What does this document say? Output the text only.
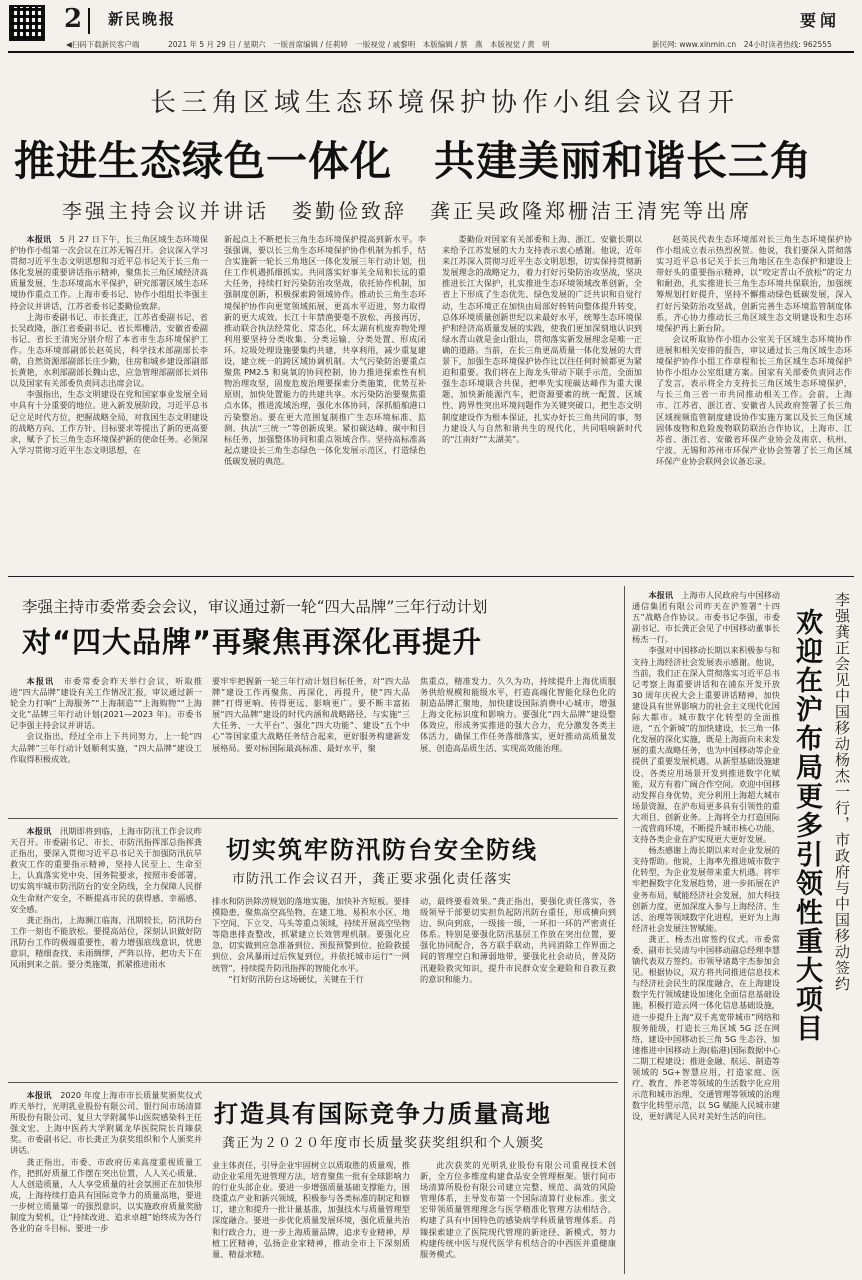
2 新民晚报	要闻
◀扫码下载新民客户端	2021 年 5 月 29 日 / 星期六　一版首席编辑 / 任莉婷　一版视觉 / 戚黎明　本版编辑 / 蔡　燕　本版视觉 / 黄　明	新民网: www.xinmin.cn　24小时读者热线: 962555
长三角区域生态环境保护协作小组会议召开
推进生态绿色一体化　共建美丽和谐长三角
李强主持会议并讲话　娄勤俭致辞　龚正吴政隆郑栅洁王清宪等出席

本报讯　5 月 27 日下午，长三角区域生态环境保护协作小组第一次会议在江苏无锡召开。会议深入学习贯彻习近平生态文明思想和习近平总书记关于长三角一体化发展的重要讲话指示精神，聚焦长三角区域经济高质量发展、生态环境高水平保护，研究部署区域生态环境协作重点工作。上海市委书记、协作小组组长李强主持会议并讲话，江苏省委书记娄勤俭致辞。

上海市委副书记、市长龚正，江苏省委副书记、省长吴政隆，浙江省委副书记、省长郑栅洁，安徽省委副书记、省长王清宪分别介绍了本省市生态环境保护工作。生态环境部副部长赵英民，科学技术部副部长李萌，自然资源部副部长庄少勤，住房和城乡建设部副部长黄艳，水利部副部长魏山忠，应急管理部副部长刘伟以及国家有关部委负责同志出席会议。

李强指出，生态文明建设在党和国家事业发展全局中具有十分重要的地位。进入新发展阶段，习近平总书记立足时代方位，把握战略全局，对我国生态文明建设的战略方向、工作方针、目标要求等提出了新的更高要求，赋予了长三角生态环境保护新的使命任务。必须深入学习贯彻习近平生态文明思想，在

新起点上不断把长三角生态环境保护提高到新水平。李强强调，要以长三角生态环境保护协作机制为抓手，结合实施新一轮长三角地区一体化发展三年行动计划，扭住工作机遇抓细抓实。共同落实好事关全局和长远的重大任务，持续打好污染防治攻坚战，依托协作机制，加强制度创新，积极探索跨领域协作。推动长三角生态环境保护协作向更宽领域拓展，更高水平迈进，努力取得新的更大成效。长江十年禁渔要毫不放松、再接再厉，推动联合执法经常化、常态化，环太湖有机废弃物处理利用要坚持分类收集、分类运输、分类处置、形成闭环。垃圾处理设施要集约共建，共享利用，减少重复建设，建立统一的跨区域协调机制。大气污染防治要重点聚焦 PM2.5 和臭氧的协同控制，协力推进探索性有机物治理攻坚，固废危废治理要探索分类施策，优势互补原则，加快处置能力的共建共享。水污染防治要聚焦重点水体，推进流域治理，强化水体协同，深抓船舶港口污染整治。要在更大范围复制推广生态环境标准、监测、执法“三统一”等创新成果。紧扣碳达峰、碳中和目标任务，加强整体协同和重点领域合作。坚持高标准高起点建设长三角生态绿色一体化发展示范区，打造绿色低碳发展的典范。

娄勤俭对国家有关部委和上海、浙江、安徽长期以来给予江苏发展的大力支持表示衷心感谢。他说，近年来江苏深入贯彻习近平生态文明思想，切实保持贯彻新发展理念的战略定力，着力打好污染防治攻坚战，坚决推进长江大保护，扎实推进生态环境领域改革创新，全省上下形成了生态优先、绿色发展的广泛共识和自觉行动，生态环境正在加快由局部好转转向整体提升转变，总体环境质量创新世纪以来最好水平，统筹生态环境保护和经济高质量发展的实践，使我们更加深刻地认识到绿水青山就是金山银山，贯彻落实新发展理念是唯一正确的道路。当前，在长三角更高质量一体化发展的大背景下，加强生态环境保护协作比以往任何时候都更为紧迫和重要。我们将在上海龙头带动下联手示范，全面加强生态环境联合共保，把率先实现碳达峰作为重大课题，加快新能源汽车，把资源要素的统一配置、区域性、跨界性突出环境问题作为关键突破口，把生态文明制度建设作为根本保证，扎实办好长三角共同的事，努力建设人与自然和谐共生的现代化，共同唱响新时代的“江南好”“太湖美”。

赵英民代表生态环境部对长三角生态环境保护协作小组成立表示热烈祝贺。他说，我们要深入贯彻落实习近平总书记关于长三角地区在生态保护和建设上带好头的重要指示精神，以“咬定青山不放松”的定力和耐劲，扎实推进长三角生态环境共保联治，加强统筹规划打好提升，坚持不懈推动绿色低碳发展，深入打好污染防治攻坚战，创新完善生态环境监管制度体系，齐心协力推动长三角区域生态文明建设和生态环境保护再上新台阶。

会议听取协作小组办公室关于区域生态环境协作进展和相关安排的报告，审议通过长三角区域生态环境保护协作小组工作章程和长三角区域生态环境保护协作小组办公室组建方案。国家有关部委负责同志作了发言，表示将全力支持长三角区域生态环境保护，与长三角三省一市共同推动相关工作。会前，上海市、江苏省、浙江省、安徽省人民政府签署了长三角区域视频监管制度建设协作实施方案以及长三角区域固体废物和危险废物联防联治合作协议，上海市、江苏省、浙江省、安徽省环保产业协会及南京、杭州、宁波、无锡和苏州市环保产业协会签署了长三角区域环保产业协会联网会议备忘录。

李强主持市委常委会会议，审议通过新一轮“四大品牌”三年行动计划
对“四大品牌”再聚焦再深化再提升

本报讯　市委常委会昨天举行会议，听取推进“四大品牌”建设有关工作情况汇报，审议通过新一轮全力打响“上海服务”“上海制造”“上海购物”“上海文化”品牌三年行动计划(2021—2023 年)。市委书记李强主持会议并讲话。

会议指出，经过全市上下共同努力，上一轮“四大品牌”三年行动计划顺利实施，“四大品牌”建设工作取得积极成效。

要牢牢把握新一轮三年行动计划目标任务，对“四大品牌”建设工作再聚焦、再深化、再提升，使“四大品牌”打得更响、传得更远、影响更广。要不断丰富拓展“四大品牌”建设的时代内涵和战略路径，与实施“三大任务、一大平台”、强化“四大功能”、建设“五个中心”等国家重大战略任务结合起来，更好服务构建新发展格局。要对标国际最高标准、最好水平，聚

焦重点，精准发力、久久为功，持续提升上海优质服务供给规模和能级水平，打造高端化智能化绿色化的制造品牌汇聚地，加快建设国际消费中心城市，增强上海文化标识度和影响力。要强化“四大品牌”建设整体效应，形成务实推进的强大合力，充分激发各类主体活力，确保工作任务落细落实，更好推动高质量发展、创造高品质生活、实现高效能治理。

本报讯　汛期即将到临，上海市防汛工作会议昨天召开。市委副书记、市长、市防汛指挥部总指挥龚正指出，要深入贯彻习近平总书记关于加强防汛抗旱救灾工作的重要指示精神，坚持人民至上、生命至上，认真落实党中央、国务院要求，按照市委部署，切实筑牢城市防汛防台的安全防线，全力保障人民群众生命财产安全，不断提高市民的获得感、幸福感、安全感。

龚正指出，上海濒江临海，汛期较长，防汛防台工作一刻也不能放松。要提高站位，深刻认识做好防汛防台工作的极端重要性，着力增强底线意识，忧患意识，精细查找、未雨绸缪，严阵以待，把功夫下在风雨到来之前。要分类施策，抓紧推进雨水

切实筑牢防汛防台安全防线
市防汛工作会议召开，龚正要求强化责任落实

排水和防洪除涝规划的落地实施，加快补齐短板。要排摸隐患，聚焦高空高坠物，在建工地、易积水小区、地下空间、下立交、马头等重点领域，持续开展高空坠物等隐患排查整改，抓紧建立长效管理机制。要强化应急，切实做到应急准备到位、预报预警到位、抢险救援到位、会风暴雨过后恢复到位，并依托城市运行“一网统管”，持续提升防汛指挥的智能化水平。

“打好防汛防台这场硬仗，关键在于行

动，最终要看效果。”龚正指出，要强化责任落实，各级领导干部要切实担负起防汛防台重任，形成横向到边、纵向到底，一级接一级，一环扣一环的严密责任体系。特别是要强化防汛基层工作放在突出位置，要强化协同配合，各方联手联动，共同消除工作界面之间的管理空白和薄弱地带，要强化社会动员，普及防汛避险救灾知识，提升市民群众安全避险和自救互救的意识和能力。

本报讯　2020 年度上海市市长质量奖颁奖仪式昨天举行，光明乳业股份有限公司、银行间市场清算所股份有限公司、复旦大学附属华山医院感染科王任强文宏、上海中医药大学附属龙华医院院长肖臻获奖。市委副书记、市长龚正为获奖组织和个人颁奖并讲话。

龚正指出，市委、市政府历来高度重视质量工作，把抓好质量工作摆在突出位置，人人关心质量、人人创造质量，人人享受质量的社会氛围正在加快形成，上海持续打造具有国际竞争力的质量高地，要进一步树立质量第一的强烈意识，以实施政府质量奖励制度为契机，让“持续改进、追求卓越”始终成为各行各业的奋斗目标。要进一步

打造具有国际竞争力质量高地
龚正为２０２０年度市长质量奖获奖组织和个人颁奖

业主体责任，引导企业牢固树立以质取胜的质量观，推动企业采用先进管理方法，培育聚焦一批有全球影响力的行业头部企业。要进一步增强质量基础支撑能力，围绕重点产业和新兴领域，积极参与各类标准的制定和修订，建立和提升一批计量基准，加强技术与质量管理型深度融合。要进一步优化质量发展环境，强化质量共治和行政合力，进一步上海质量品牌，追求专业精神，厚植工匠精神，弘扬企业家精神，推动全市上下深刻质量、精益求精。

此次获奖的光明乳业股份有限公司重视技术创新，全方位多维度构建食品安全管理框架。银行间市场清算所股份有限公司建立完整、规范、高效的风险管理体系，主导发布第一个国际清算行业标准。张文宏带领质量管理理念与医学精准化管理方法相结合，构建了具有中国特色的感染病学科质量管理体系。肖臻探索建立了医院现代管理的新途径、新模式，努力构建传统中医与现代医学有机结合的中西医并重健康服务模式。

本报讯　上海市人民政府与中国移动通信集团有限公司昨天在沪签署“十四五”战略合作协议。市委书记李强，市委副书记、市长龚正会见了中国移动董事长杨杰一行。

李强对中国移动长期以来积极参与和支持上海经济社会发展表示感谢。他说，当前，我们正在深入贯彻落实习近平总书记考察上海重要讲话和在浦东开发开放 30 周年庆祝大会上重要讲话精神，加快建设具有世界影响力的社会主义现代化国际大都市。城市数字化转型的全面推进，“五个新城”的加快建设，长三角一体化发展的深化实施，既是上海面向未来发展的重大战略任务，也为中国移动等企业提供了重要发展机遇。从新型基础设施建设、各类应用场景开发到推进数字化赋能，双方有着广阔合作空间。欢迎中国移动发挥自身优势，充分利用上海超大城市场景资源，在沪布局更多具有引领性的重大项目、创新业务。上海将全力打造国际一流营商环境，不断提升城市核心功能，支持各类企业在沪实现更大更好发展。

杨杰感谢上海长期以来对企业发展的支持帮助。他说，上海率先推进城市数字化转型，为企业发展带来重大机遇。将牢牢把握数字化发展趋势，进一步拓展在沪业务布局，赋能经济社会发展，加大科技创新力度，更加深度入参与上海经济、生活、治理等领域数字化进程，更好为上海经济社会发展注智赋能。

龚正、杨杰出席签约仪式。市委常委、副市长吴清与中国移动副总经理李慧镝代表双方签约。市领导诸葛宇杰参加会见。根据协议，双方将共同推进信息技术与经济社会民生的深度融合，在上海建设数字先行领域建设加速化全面信息基础设施，积极打造云网一体化信息基础设施，进一步提升上海“双千兆宽带城市”网络和服务能级，打造长三角区域 5G 泛在网络，建设中国移动长三角 5G 生态谷，加速推进中国移动上海(临港)国际数据中心二期工程建设；推进金融、航运、制造等领域的 5G+智慧应用，打造家庭、医疗、教育、养老等领域的生活数字化应用示范和城市治理、交通管理等领域的治理数字化转型示范，以 5G 赋能人民城市建设，更好满足人民对美好生活的向往。

李强龚正会见中国移动杨杰一行，市政府与中国移动签约
欢迎在沪布局更多引领性重大项目
